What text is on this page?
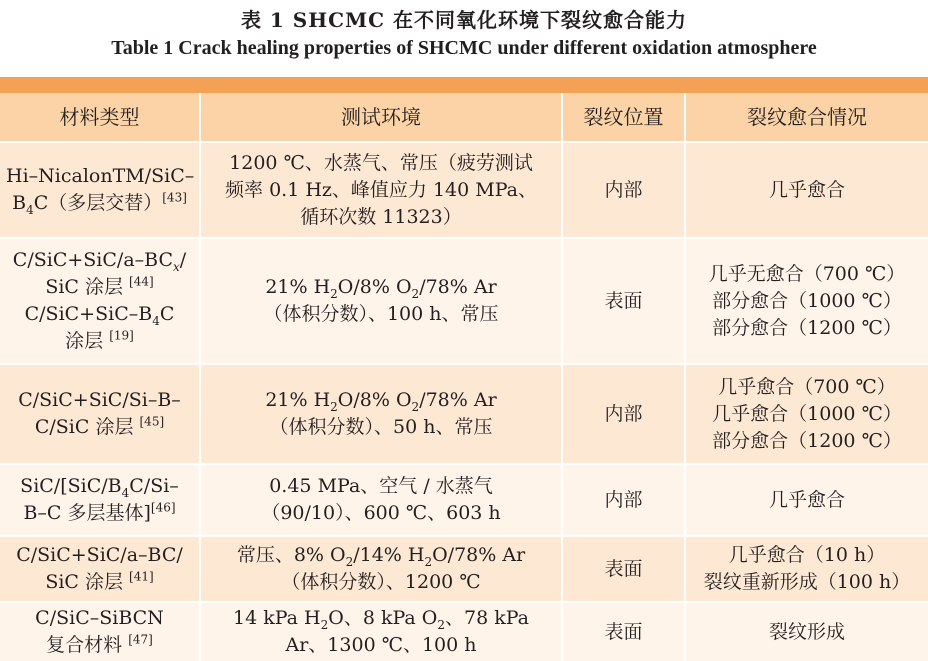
表 1 SHCMC 在不同氧化环境下裂纹愈合能力
Table 1 Crack healing properties of SHCMC under different oxidation atmosphere
材料类型	测试环境	裂纹位置	裂纹愈合情况

Hi–NicalonTM/SiC–
$B_4C$（多层交替）[43]	1200 ℃、水蒸气、常压（疲劳测试
频率 0.1 Hz、峰值应力 140 MPa、
循环次数 11323）	内部	几乎愈合

$C/SiC+SiC/a-BC_x/$
SiC 涂层 [44]
$C/SiC+SiC-B_4C$
涂层 [19]	21% $H_2O/8\%$ $O_2/78\%$ Ar
（体积分数）、100 h、常压	表面	几乎无愈合（700 ℃）
部分愈合（1000 ℃）
部分愈合（1200 ℃）

C/SiC+SiC/Si–B–
C/SiC 涂层 [45]	21% $H_2O/8\%$ $O_2/78\%$ Ar
（体积分数）、50 h、常压	内部	几乎愈合（700 ℃）
几乎愈合（1000 ℃）
部分愈合（1200 ℃）

SiC/[$SiC/B_4C/Si-$
B–C 多层基体][46]	0.45 MPa、空气 / 水蒸气
（90/10）、600 ℃、603 h	内部	几乎愈合

C/SiC+SiC/a–BC/
SiC 涂层 [41]	常压、8% $O_2/14\%$ $H_2O/78\%$ Ar
（体积分数）、1200 ℃	表面	几乎愈合（10 h）
裂纹重新形成（100 h）

C/SiC–SiBCN
复合材料 [47]	14 kPa $H_2O$、8 kPa $O_2$、78 kPa
Ar、1300 ℃、100 h	表面	裂纹形成
